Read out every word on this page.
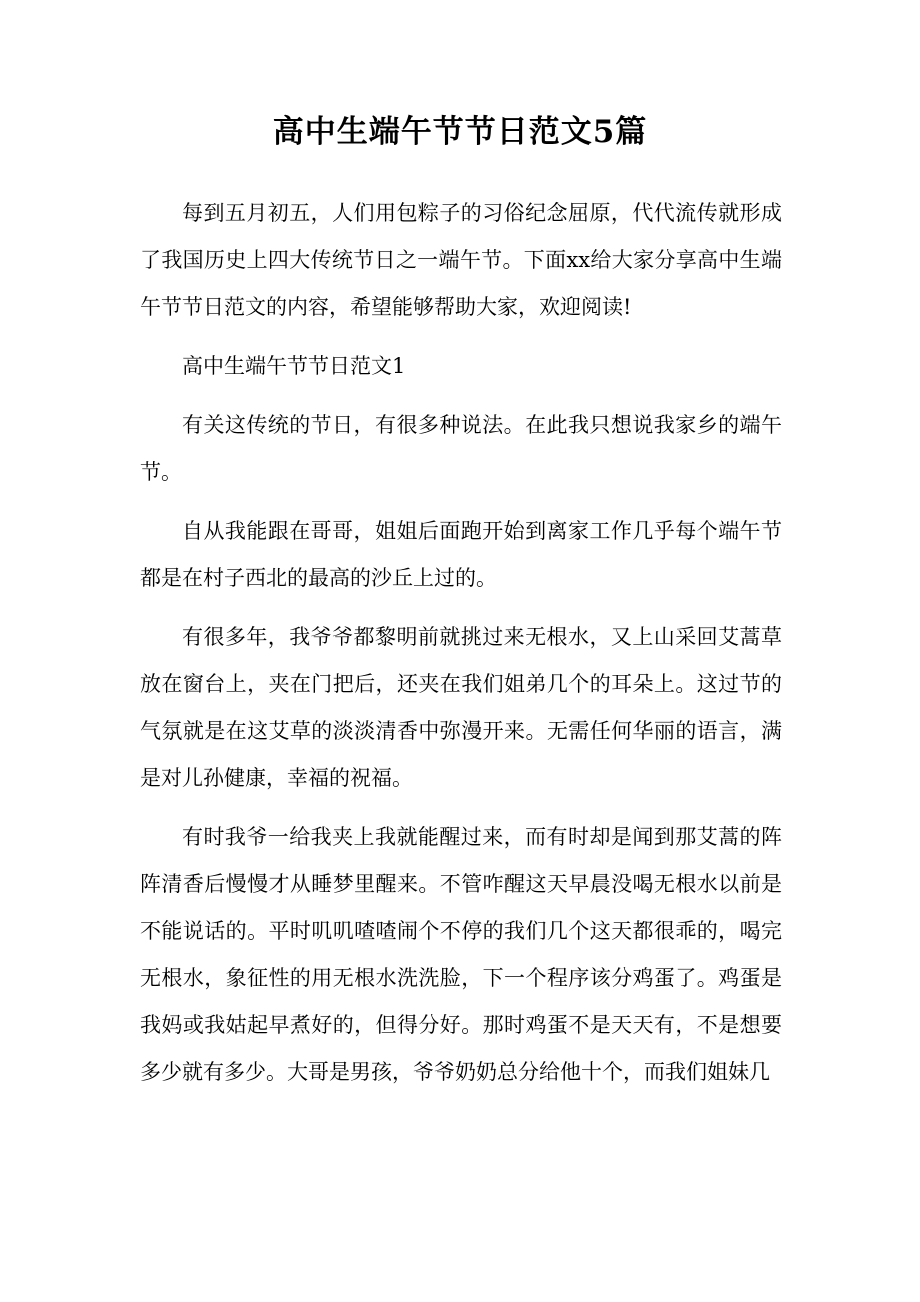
高中生端午节节日范文5篇

每到五月初五，人们用包粽子的习俗纪念屈原，代代流传就形成了我国历史上四大传统节日之一端午节。下面xx给大家分享高中生端午节节日范文的内容，希望能够帮助大家，欢迎阅读!

高中生端午节节日范文1

有关这传统的节日，有很多种说法。在此我只想说我家乡的端午节。

自从我能跟在哥哥，姐姐后面跑开始到离家工作几乎每个端午节都是在村子西北的最高的沙丘上过的。

有很多年，我爷爷都黎明前就挑过来无根水，又上山采回艾蒿草放在窗台上，夹在门把后，还夹在我们姐弟几个的耳朵上。这过节的气氛就是在这艾草的淡淡清香中弥漫开来。无需任何华丽的语言，满是对儿孙健康，幸福的祝福。

有时我爷一给我夹上我就能醒过来，而有时却是闻到那艾蒿的阵阵清香后慢慢才从睡梦里醒来。不管咋醒这天早晨没喝无根水以前是不能说话的。平时叽叽喳喳闹个不停的我们几个这天都很乖的，喝完无根水，象征性的用无根水洗洗脸，下一个程序该分鸡蛋了。鸡蛋是我妈或我姑起早煮好的，但得分好。那时鸡蛋不是天天有，不是想要多少就有多少。大哥是男孩，爷爷奶奶总分给他十个，而我们姐妹几
